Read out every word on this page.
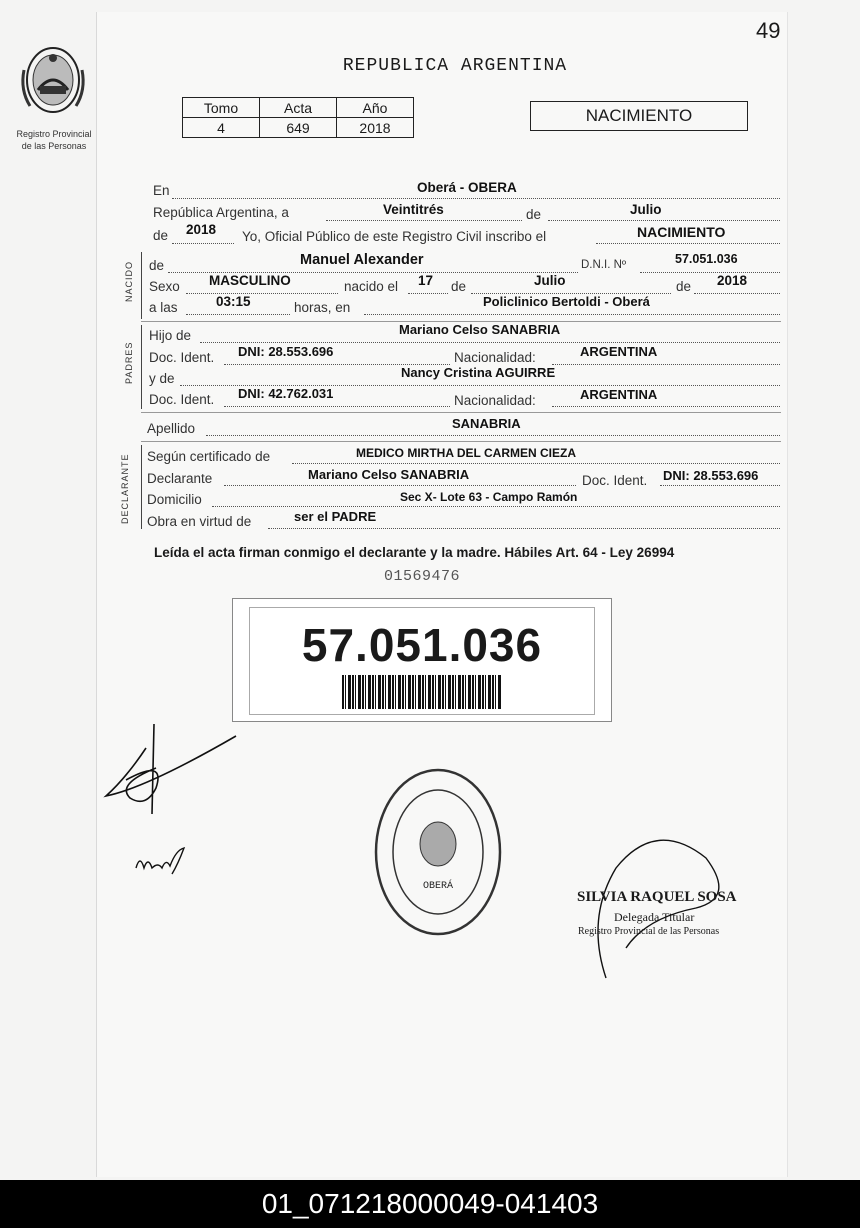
49
Registro Provincial
de las Personas
REPUBLICA ARGENTINA
Tomo	Acta	Año
4	649	2018
NACIMIENTO
En	Oberá - OBERA
República Argentina, a	Veintitrés	de	Julio
de 2018 Yo, Oficial Público de este Registro Civil inscribo el	NACIMIENTO
NACIDO de	Manuel Alexander	D.N.I. Nº	57.051.036
Sexo MASCULINO	nacido el 17 de	Julio	de 2018
a las	03:15	horas, en	Policlinico Bertoldi - Oberá
PADRES
Hijo de	Mariano Celso SANABRIA
Doc. Ident. DNI: 28.553.696	Nacionalidad:	ARGENTINA
y de	Nancy Cristina AGUIRRE
Doc. Ident. DNI: 42.762.031	Nacionalidad:	ARGENTINA
Apellido	SANABRIA
DECLARANTE Según certificado de	MEDICO MIRTHA DEL CARMEN CIEZA
Declarante	Mariano Celso SANABRIA	Doc. Ident. DNI: 28.553.696
Domicilio	Sec X- Lote 63 - Campo Ramón
Obra en virtud de	ser el PADRE
Leída el acta firman conmigo el declarante y la madre. Hábiles Art. 64 - Ley 26994
01569476
57.051.036
OBERÁ
SILVIA RAQUEL SOSA
Delegada Titular
Registro Provincial de las Personas
01_071218000049-041403
